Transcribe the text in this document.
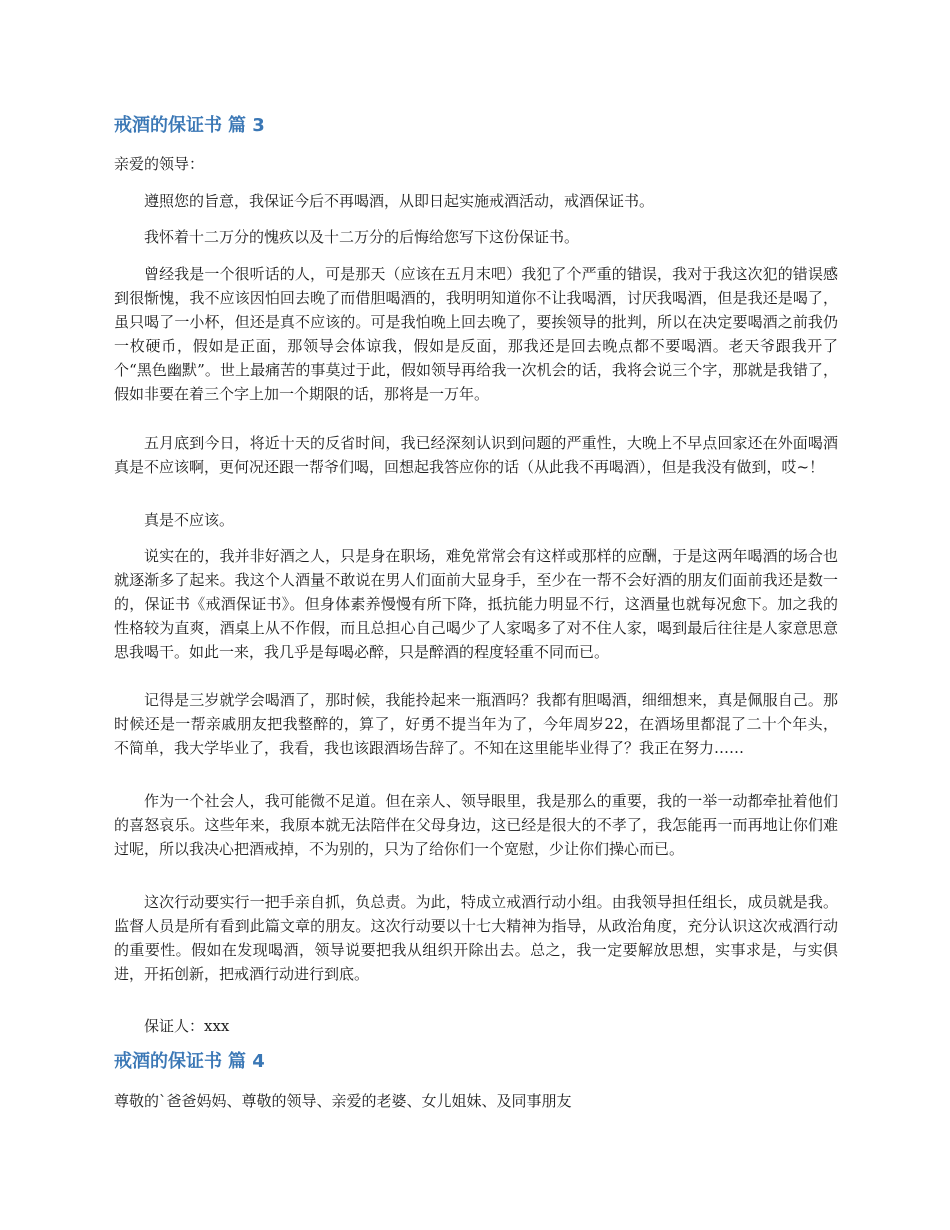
戒酒的保证书 篇 3

亲爱的领导：

遵照您的旨意，我保证今后不再喝酒，从即日起实施戒酒活动，戒酒保证书。

我怀着十二万分的愧疚以及十二万分的后悔给您写下这份保证书。

曾经我是一个很听话的人，可是那天（应该在五月末吧）我犯了个严重的错误，我对于我这次犯的错误感到很惭愧，我不应该因怕回去晚了而借胆喝酒的，我明明知道你不让我喝酒，讨厌我喝酒，但是我还是喝了，虽只喝了一小杯，但还是真不应该的。可是我怕晚上回去晚了，要挨领导的批判，所以在决定要喝酒之前我仍一枚硬币，假如是正面，那领导会体谅我，假如是反面，那我还是回去晚点都不要喝酒。老天爷跟我开了个“黑色幽默”。世上最痛苦的事莫过于此，假如领导再给我一次机会的话，我将会说三个字，那就是我错了，假如非要在着三个字上加一个期限的话，那将是一万年。

五月底到今日，将近十天的反省时间，我已经深刻认识到问题的严重性，大晚上不早点回家还在外面喝酒真是不应该啊，更何况还跟一帮爷们喝，回想起我答应你的话（从此我不再喝酒），但是我没有做到，哎~！

真是不应该。

说实在的，我并非好酒之人，只是身在职场，难免常常会有这样或那样的应酬，于是这两年喝酒的场合也就逐渐多了起来。我这个人酒量不敢说在男人们面前大显身手，至少在一帮不会好酒的朋友们面前我还是数一的，保证书《戒酒保证书》。但身体素养慢慢有所下降，抵抗能力明显不行，这酒量也就每况愈下。加之我的性格较为直爽，酒桌上从不作假，而且总担心自己喝少了人家喝多了对不住人家，喝到最后往往是人家意思意思我喝干。如此一来，我几乎是每喝必醉，只是醉酒的程度轻重不同而已。

记得是三岁就学会喝酒了，那时候，我能拎起来一瓶酒吗？我都有胆喝酒，细细想来，真是佩服自己。那时候还是一帮亲戚朋友把我整醉的，算了，好勇不提当年为了，今年周岁22，在酒场里都混了二十个年头，不简单，我大学毕业了，我看，我也该跟酒场告辞了。不知在这里能毕业得了？我正在努力……

作为一个社会人，我可能微不足道。但在亲人、领导眼里，我是那么的重要，我的一举一动都牵扯着他们的喜怒哀乐。这些年来，我原本就无法陪伴在父母身边，这已经是很大的不孝了，我怎能再一而再地让你们难过呢，所以我决心把酒戒掉，不为别的，只为了给你们一个宽慰，少让你们操心而已。

这次行动要实行一把手亲自抓，负总责。为此，特成立戒酒行动小组。由我领导担任组长，成员就是我。监督人员是所有看到此篇文章的朋友。这次行动要以十七大精神为指导，从政治角度，充分认识这次戒酒行动的重要性。假如在发现喝酒，领导说要把我从组织开除出去。总之，我一定要解放思想，实事求是，与实俱进，开拓创新，把戒酒行动进行到底。

保证人：xxx

戒酒的保证书 篇 4

尊敬的`爸爸妈妈、尊敬的领导、亲爱的老婆、女儿姐妹、及同事朋友
